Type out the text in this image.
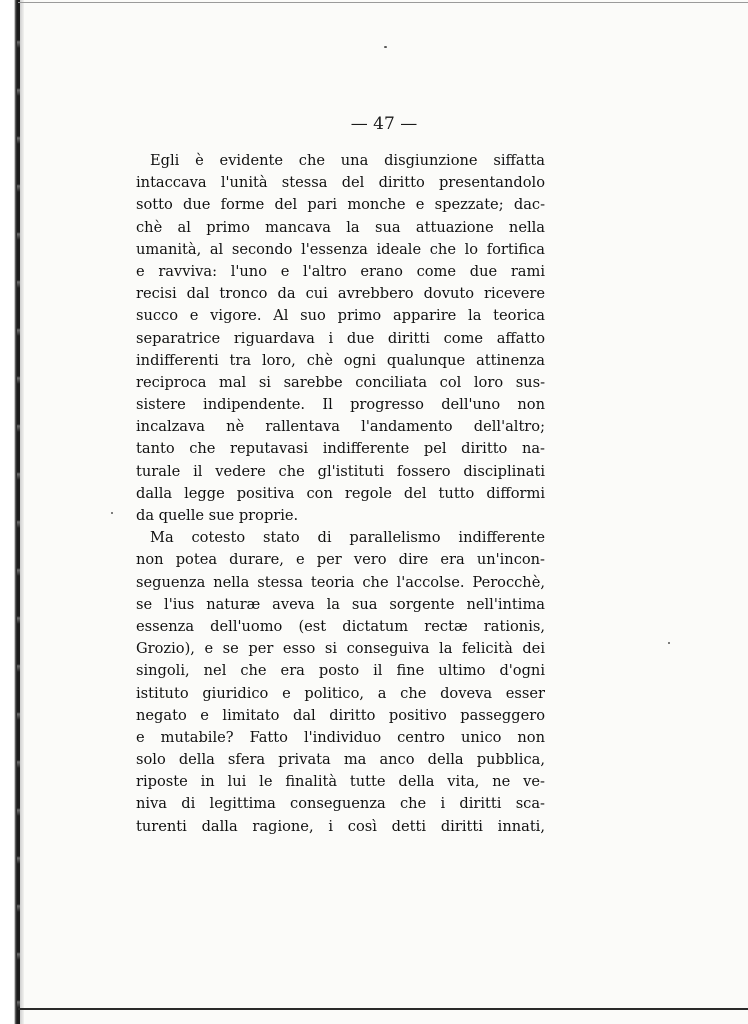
— 47 —
Egli è evidente che una disgiunzione siffatta
intaccava l'unità stessa del diritto presentandolo
sotto due forme del pari monche e spezzate; dac-
chè al primo mancava la sua attuazione nella
umanità, al secondo l'essenza ideale che lo fortifica
e ravviva: l'uno e l'altro erano come due rami
recisi dal tronco da cui avrebbero dovuto ricevere
succo e vigore. Al suo primo apparire la teorica
separatrice riguardava i due diritti come affatto
indifferenti tra loro, chè ogni qualunque attinenza
reciproca mal si sarebbe conciliata col loro sus-
sistere indipendente. Il progresso dell'uno non
incalzava nè rallentava l'andamento dell'altro;
tanto che reputavasi indifferente pel diritto na-
turale il vedere che gl'istituti fossero disciplinati
dalla legge positiva con regole del tutto difformi
da quelle sue proprie.
Ma cotesto stato di parallelismo indifferente
non potea durare, e per vero dire era un'incon-
seguenza nella stessa teoria che l'accolse. Perocchè,
se l'ius naturæ aveva la sua sorgente nell'intima
essenza dell'uomo (est dictatum rectæ rationis,
Grozio), e se per esso si conseguiva la felicità dei
singoli, nel che era posto il fine ultimo d'ogni
istituto giuridico e politico, a che doveva esser
negato e limitato dal diritto positivo passeggero
e mutabile? Fatto l'individuo centro unico non
solo della sfera privata ma anco della pubblica,
riposte in lui le finalità tutte della vita, ne ve-
niva di legittima conseguenza che i diritti sca-
turenti dalla ragione, i così detti diritti innati,
